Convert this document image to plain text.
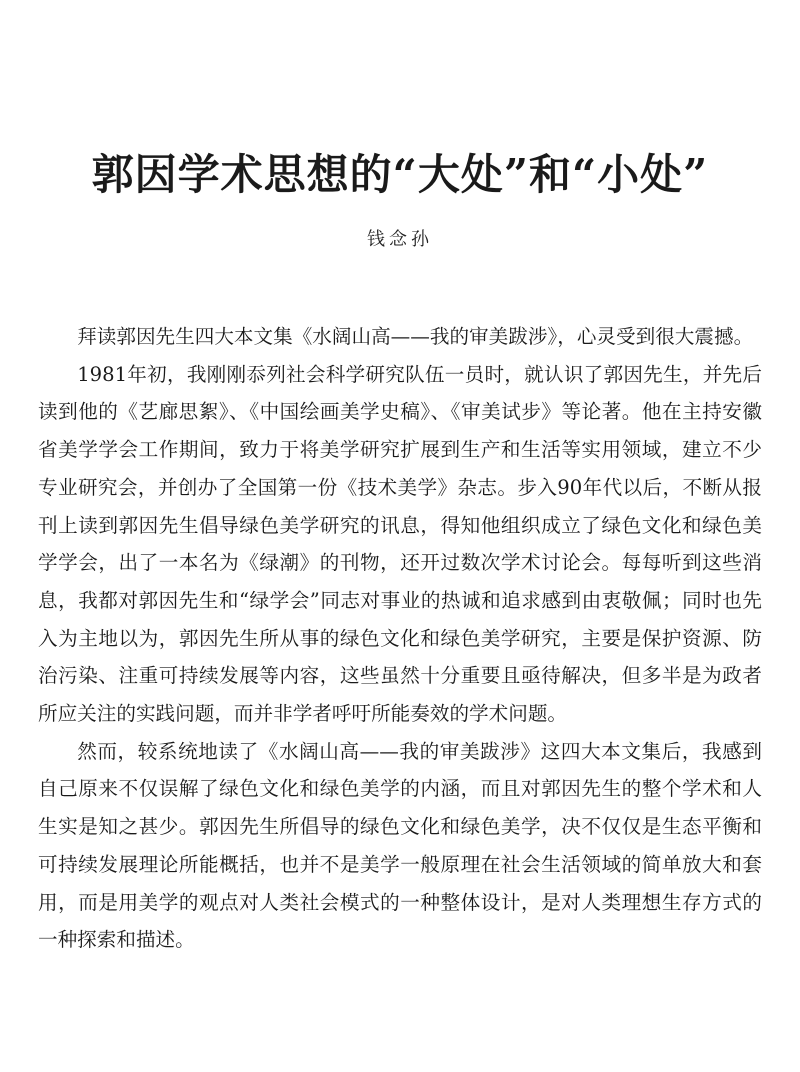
郭因学术思想的“大处”和“小处”
钱念孙

拜读郭因先生四大本文集《水阔山高——我的审美跋涉》，心灵受到很大震撼。

1981年初，我刚刚忝列社会科学研究队伍一员时，就认识了郭因先生，并先后读到他的《艺廊思絮》、《中国绘画美学史稿》、《审美试步》等论著。他在主持安徽省美学学会工作期间，致力于将美学研究扩展到生产和生活等实用领域，建立不少专业研究会，并创办了全国第一份《技术美学》杂志。步入90年代以后，不断从报刊上读到郭因先生倡导绿色美学研究的讯息，得知他组织成立了绿色文化和绿色美学学会，出了一本名为《绿潮》的刊物，还开过数次学术讨论会。每每听到这些消息，我都对郭因先生和“绿学会”同志对事业的热诚和追求感到由衷敬佩；同时也先入为主地以为，郭因先生所从事的绿色文化和绿色美学研究，主要是保护资源、防治污染、注重可持续发展等内容，这些虽然十分重要且亟待解决，但多半是为政者所应关注的实践问题，而并非学者呼吁所能奏效的学术问题。

然而，较系统地读了《水阔山高——我的审美跋涉》这四大本文集后，我感到自己原来不仅误解了绿色文化和绿色美学的内涵，而且对郭因先生的整个学术和人生实是知之甚少。郭因先生所倡导的绿色文化和绿色美学，决不仅仅是生态平衡和可持续发展理论所能概括，也并不是美学一般原理在社会生活领域的简单放大和套用，而是用美学的观点对人类社会模式的一种整体设计，是对人类理想生存方式的一种探索和描述。
